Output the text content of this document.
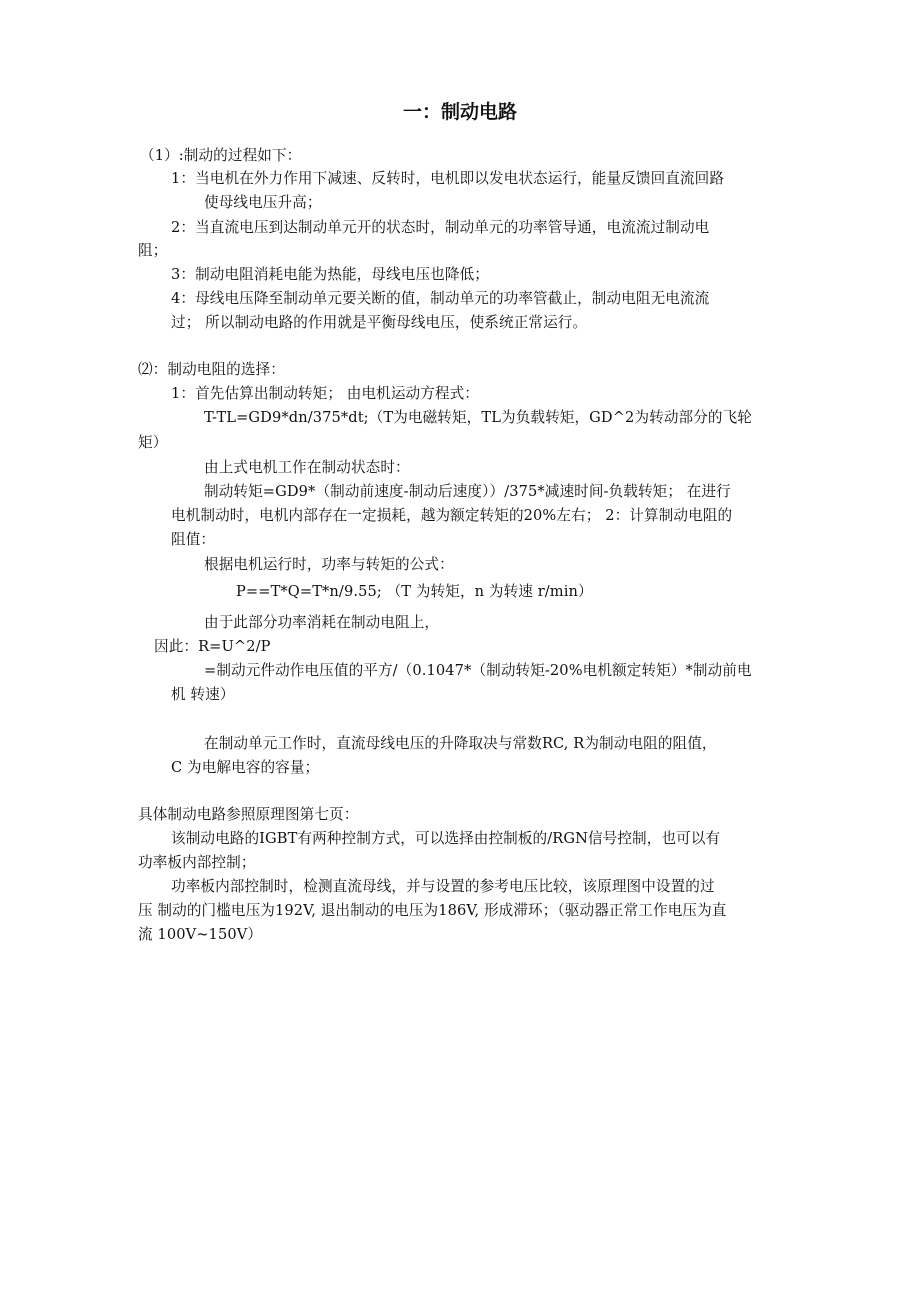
一：制动电路
（1）:制动的过程如下：
1：当电机在外力作用下减速、反转时，电机即以发电状态运行，能量反馈回直流回路
使母线电压升高；
2：当直流电压到达制动单元开的状态时，制动单元的功率管导通，电流流过制动电
阻；
3：制动电阻消耗电能为热能，母线电压也降低；
4：母线电压降至制动单元要关断的值，制动单元的功率管截止，制动电阻无电流流
过； 所以制动电路的作用就是平衡母线电压，使系统正常运行。
⑵：制动电阻的选择：
1：首先估算出制动转矩； 由电机运动方程式：
T-TL=GD9*dn/375*dt;（T为电磁转矩，TL为负载转矩，GD^2为转动部分的飞轮
矩）
由上式电机工作在制动状态时：
制动转矩=GD9*（制动前速度-制动后速度））/375*减速时间-负载转矩； 在进行
电机制动时，电机内部存在一定损耗，越为额定转矩的20%左右； 2：计算制动电阻的
阻值：
根据电机运行时，功率与转矩的公式：
P==T*Q=T*n/9.55; （T 为转矩，n 为转速 r/min）
由于此部分功率消耗在制动电阻上，
因此：R=U^2/P
=制动元件动作电压值的平方/（0.1047*（制动转矩-20%电机额定转矩）*制动前电
机 转速）
在制动单元工作时，直流母线电压的升降取决与常数RC, R为制动电阻的阻值，
C 为电解电容的容量；
具体制动电路参照原理图第七页：
该制动电路的IGBT有两种控制方式，可以选择由控制板的/RGN信号控制，也可以有
功率板内部控制；
功率板内部控制时，检测直流母线，并与设置的参考电压比较，该原理图中设置的过
压 制动的门槛电压为192V, 退出制动的电压为186V, 形成滞环；（驱动器正常工作电压为直
流 100V~150V）
